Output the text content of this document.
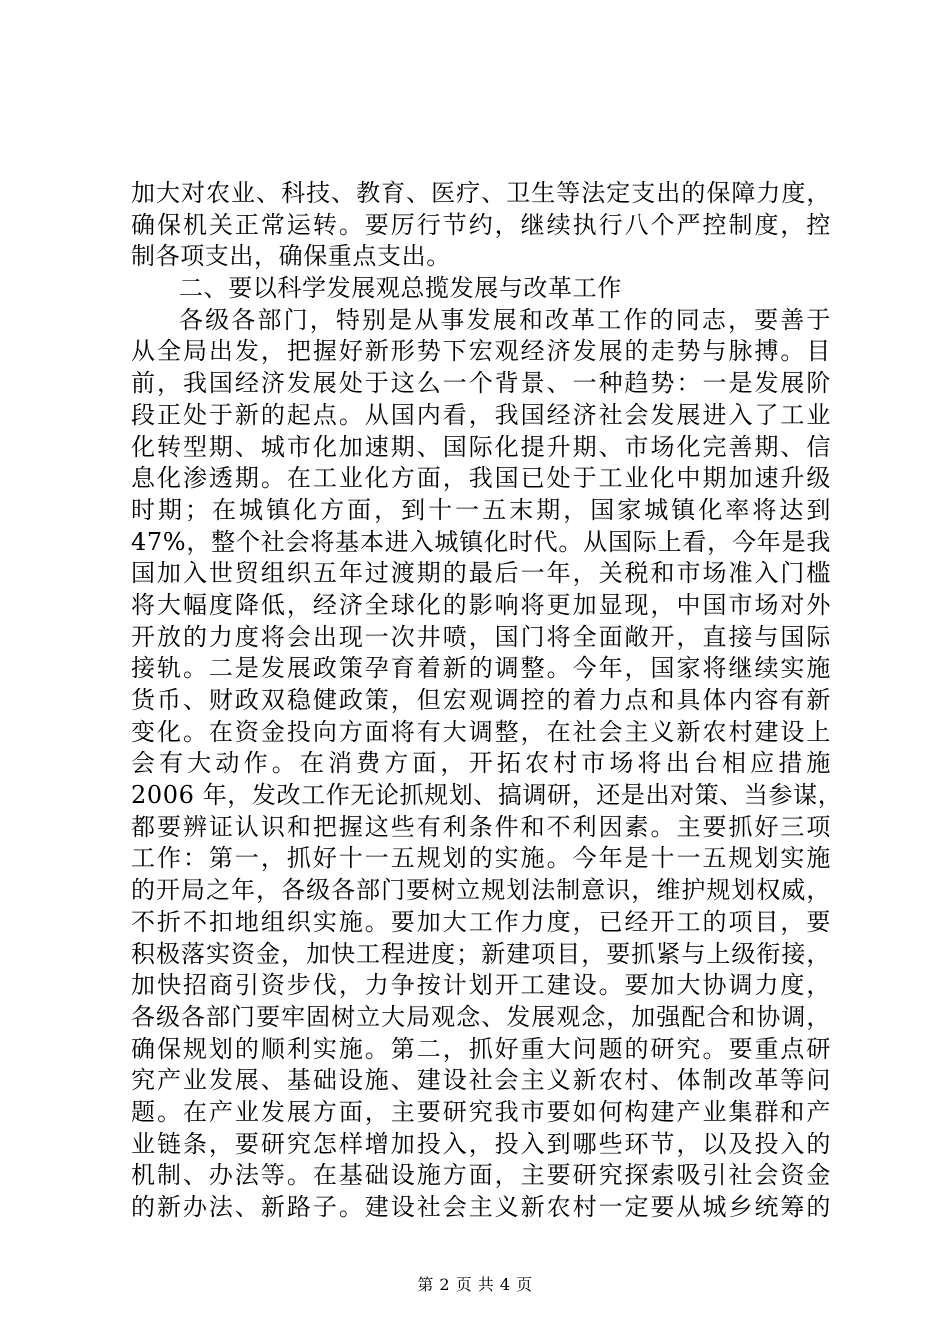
加大对农业、科技、教育、医疗、卫生等法定支出的保障力度，
确保机关正常运转。要厉行节约，继续执行八个严控制度，控
制各项支出，确保重点支出。
二、要以科学发展观总揽发展与改革工作
各级各部门，特别是从事发展和改革工作的同志，要善于
从全局出发，把握好新形势下宏观经济发展的走势与脉搏。目
前，我国经济发展处于这么一个背景、一种趋势：一是发展阶
段正处于新的起点。从国内看，我国经济社会发展进入了工业
化转型期、城市化加速期、国际化提升期、市场化完善期、信
息化渗透期。在工业化方面，我国已处于工业化中期加速升级
时期；在城镇化方面，到十一五末期，国家城镇化率将达到
47%，整个社会将基本进入城镇化时代。从国际上看，今年是我
国加入世贸组织五年过渡期的最后一年，关税和市场准入门槛
将大幅度降低，经济全球化的影响将更加显现，中国市场对外
开放的力度将会出现一次井喷，国门将全面敞开，直接与国际
接轨。二是发展政策孕育着新的调整。今年，国家将继续实施
货币、财政双稳健政策，但宏观调控的着力点和具体内容有新
变化。在资金投向方面将有大调整，在社会主义新农村建设上
会有大动作。在消费方面，开拓农村市场将出台相应措施
2006 年，发改工作无论抓规划、搞调研，还是出对策、当参谋，
都要辨证认识和把握这些有利条件和不利因素。主要抓好三项
工作：第一，抓好十一五规划的实施。今年是十一五规划实施
的开局之年，各级各部门要树立规划法制意识，维护规划权威，
不折不扣地组织实施。要加大工作力度，已经开工的项目，要
积极落实资金，加快工程进度；新建项目，要抓紧与上级衔接，
加快招商引资步伐，力争按计划开工建设。要加大协调力度，
各级各部门要牢固树立大局观念、发展观念，加强配合和协调，
确保规划的顺利实施。第二，抓好重大问题的研究。要重点研
究产业发展、基础设施、建设社会主义新农村、体制改革等问
题。在产业发展方面，主要研究我市要如何构建产业集群和产
业链条，要研究怎样增加投入，投入到哪些环节，以及投入的
机制、办法等。在基础设施方面，主要研究探索吸引社会资金
的新办法、新路子。建设社会主义新农村一定要从城乡统筹的
第 2 页 共 4 页
